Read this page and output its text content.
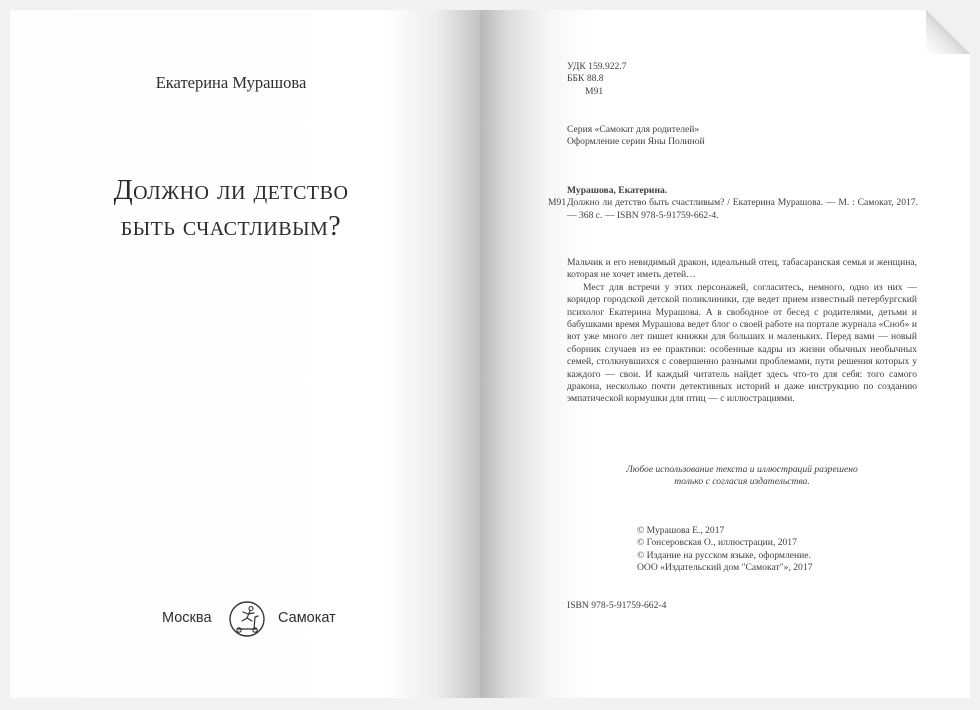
Екатерина Мурашова
Должно ли детство
быть счастливым?
Москва	Самокат
УДК 159.922.7
ББК 88.8
М91
Серия «Самокат для родителей»
Оформление серии Яны Полиной
Мурашова, Екатерина.
М91 Должно ли детство быть счастливым? / Екатерина Мурашова. — М. : Самокат, 2017. — 368 с. — ISBN 978-5-91759-662-4.

Мальчик и его невидимый дракон, идеальный отец, табасаранская семья и женщина, которая не хочет иметь детей…

Мест для встречи у этих персонажей, согласитесь, немного, одно из них — коридор городской детской поликлиники, где ведет прием известный петербургский психолог Екатерина Мурашова. А в свободное от бесед с родителями, детьми и бабушками время Мурашова ведет блог о своей работе на портале журнала «Сноб» и вот уже много лет пишет книжки для больших и маленьких. Перед вами — новый сборник случаев из ее практики: особенные кадры из жизни обычных необычных семей, столкнувшихся с совершенно разными проблемами, пути решения которых у каждого — свои. И каждый читатель найдет здесь что-то для себя: того самого дракона, несколько почти детективных историй и даже инструкцию по созданию эмпатической кормушки для птиц — с иллюстрациями.

Любое использование текста и иллюстраций разрешено
только с согласия издательства.
© Мурашова Е., 2017
© Гонсеровская О., иллюстрации, 2017
© Издание на русском языке, оформление.
ООО «Издательский дом "Самокат"», 2017
ISBN 978-5-91759-662-4
